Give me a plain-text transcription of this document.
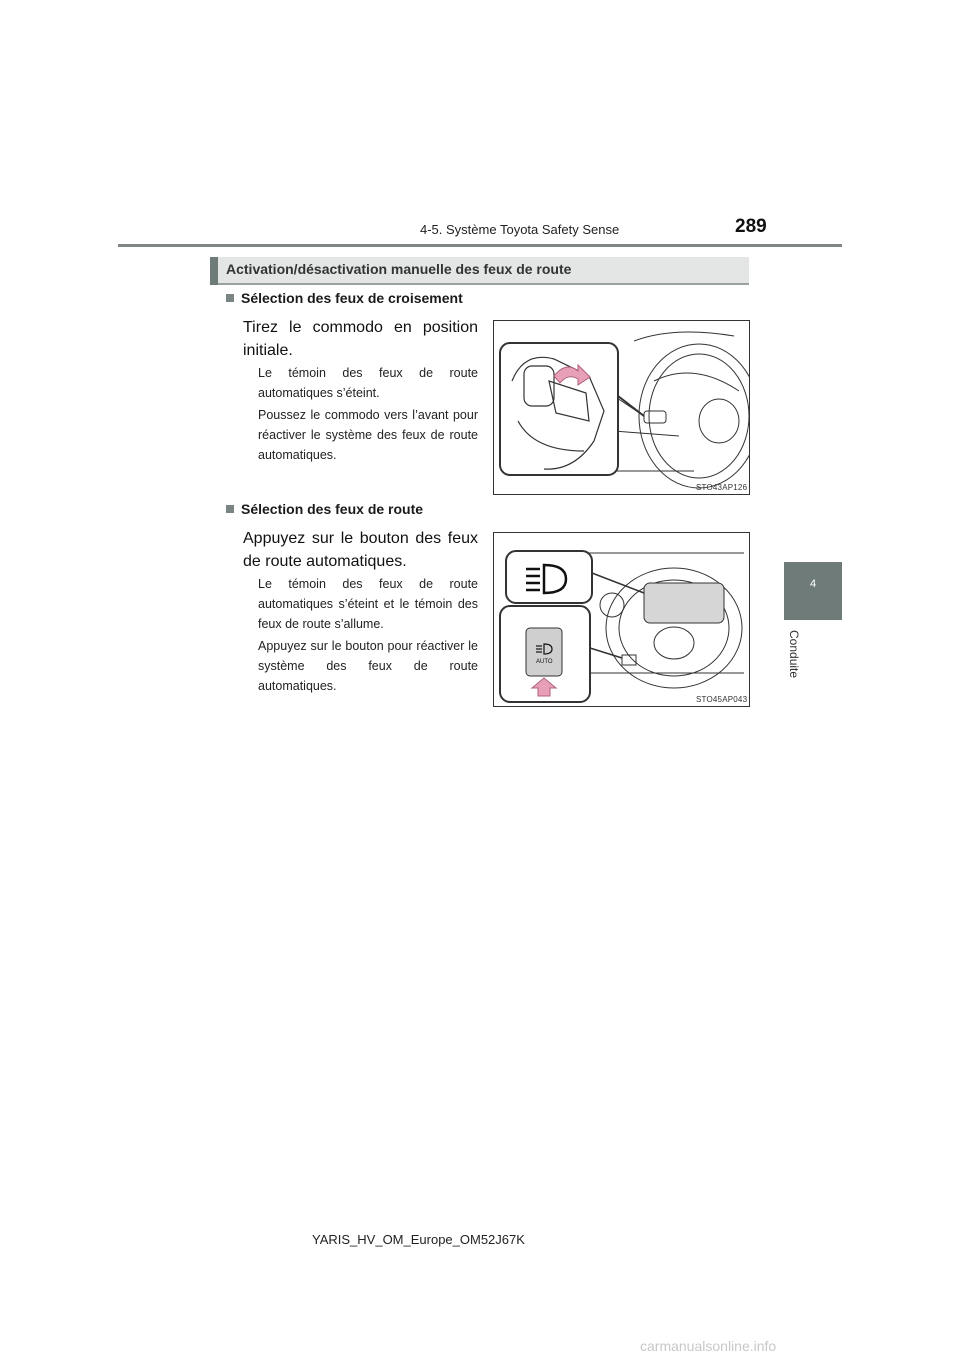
4-5. Système Toyota Safety Sense	289
4
Conduite
Activation/désactivation manuelle des feux de route
Sélection des feux de croisement
Tirez le commodo en position initiale.
Le témoin des feux de route automatiques s’éteint.
Poussez le commodo vers l’avant pour réactiver le système des feux de route automatiques.
STO43AP126
Sélection des feux de route
Appuyez sur le bouton des feux de route automatiques.
Le témoin des feux de route automatiques s’éteint et le témoin des feux de route s’allume.
Appuyez sur le bouton pour réactiver le système des feux de route automatiques.
AUTO
STO45AP043
YARIS_HV_OM_Europe_OM52J67K
carmanualsonline.info
